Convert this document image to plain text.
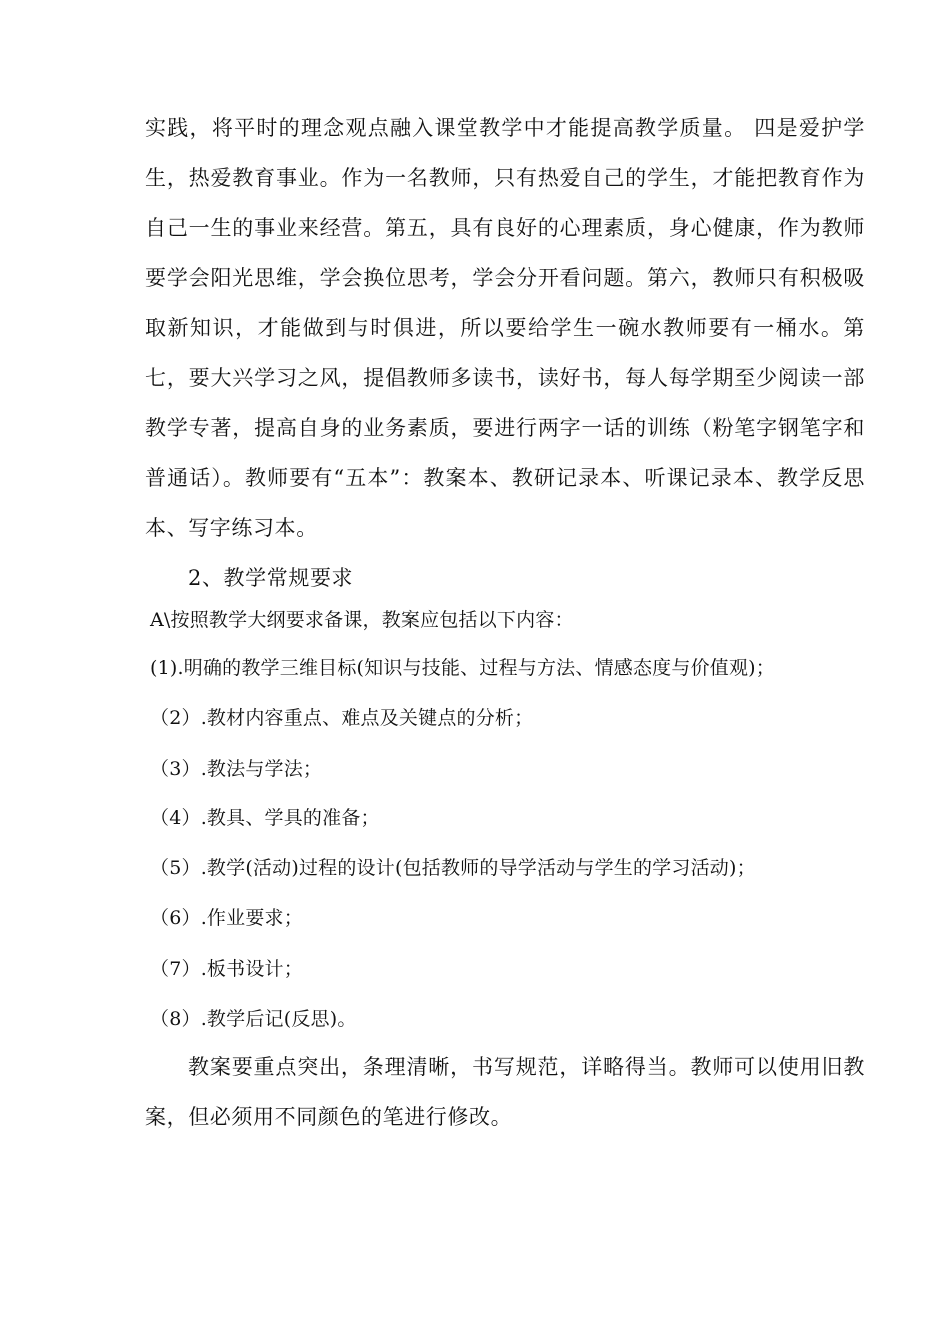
实践，将平时的理念观点融入课堂教学中才能提高教学质量。 四是爱护学生，热爱教育事业。作为一名教师，只有热爱自己的学生，才能把教育作为自己一生的事业来经营。第五，具有良好的心理素质，身心健康，作为教师要学会阳光思维，学会换位思考，学会分开看问题。第六，教师只有积极吸取新知识，才能做到与时俱进，所以要给学生一碗水教师要有一桶水。第七，要大兴学习之风，提倡教师多读书，读好书，每人每学期至少阅读一部教学专著，提高自身的业务素质，要进行两字一话的训练（粉笔字钢笔字和普通话）。教师要有“五本”：教案本、教研记录本、听课记录本、教学反思本、写字练习本。
2、教学常规要求
A\按照教学大纲要求备课，教案应包括以下内容：
(1).明确的教学三维目标(知识与技能、过程与方法、情感态度与价值观)；
（2）.教材内容重点、难点及关键点的分析；
（3）.教法与学法；
（4）.教具、学具的准备；
（5）.教学(活动)过程的设计(包括教师的导学活动与学生的学习活动)；
（6）.作业要求；
（7）.板书设计；
（8）.教学后记(反思)。
教案要重点突出，条理清晰，书写规范，详略得当。教师可以使用旧教案，但必须用不同颜色的笔进行修改。
